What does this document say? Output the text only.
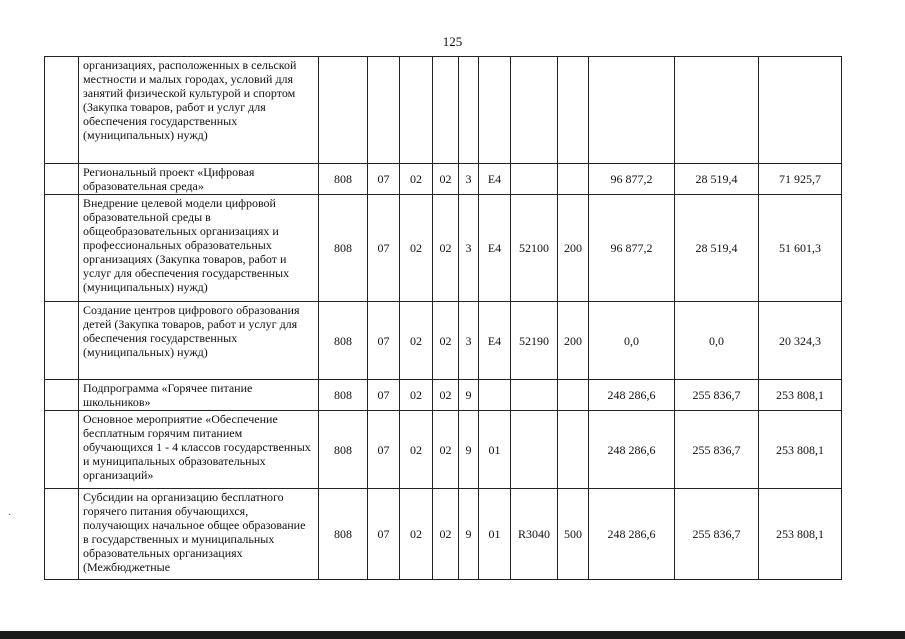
125
	организациях, расположенных в сельской местности и малых городах, условий для занятий физической культурой и спортом (Закупка товаров, работ и услуг для обеспечения государственных (муниципальных) нужд)											
	Региональный проект «Цифровая образовательная среда»	808	07	02	02	3	E4			96 877,2	28 519,4	71 925,7
	Внедрение целевой модели цифровой образовательной среды в общеобразовательных организациях и профессиональных образовательных организациях (Закупка товаров, работ и услуг для обеспечения государственных (муниципальных) нужд)	808	07	02	02	3	E4	52100	200	96 877,2	28 519,4	51 601,3
	Создание центров цифрового образования детей (Закупка товаров, работ и услуг для обеспечения государственных (муниципальных) нужд)	808	07	02	02	3	E4	52190	200	0,0	0,0	20 324,3
	Подпрограмма «Горячее питание школьников»	808	07	02	02	9				248 286,6	255 836,7	253 808,1
	Основное мероприятие «Обеспечение бесплатным горячим питанием обучающихся 1 - 4 классов государственных и муниципальных образовательных организаций»	808	07	02	02	9	01			248 286,6	255 836,7	253 808,1
	Субсидии на организацию бесплатного горячего питания обучающихся, получающих начальное общее образование в государственных и муниципальных образовательных организациях (Межбюджетные	808	07	02	02	9	01	R3040	500	248 286,6	255 836,7	253 808,1
·
